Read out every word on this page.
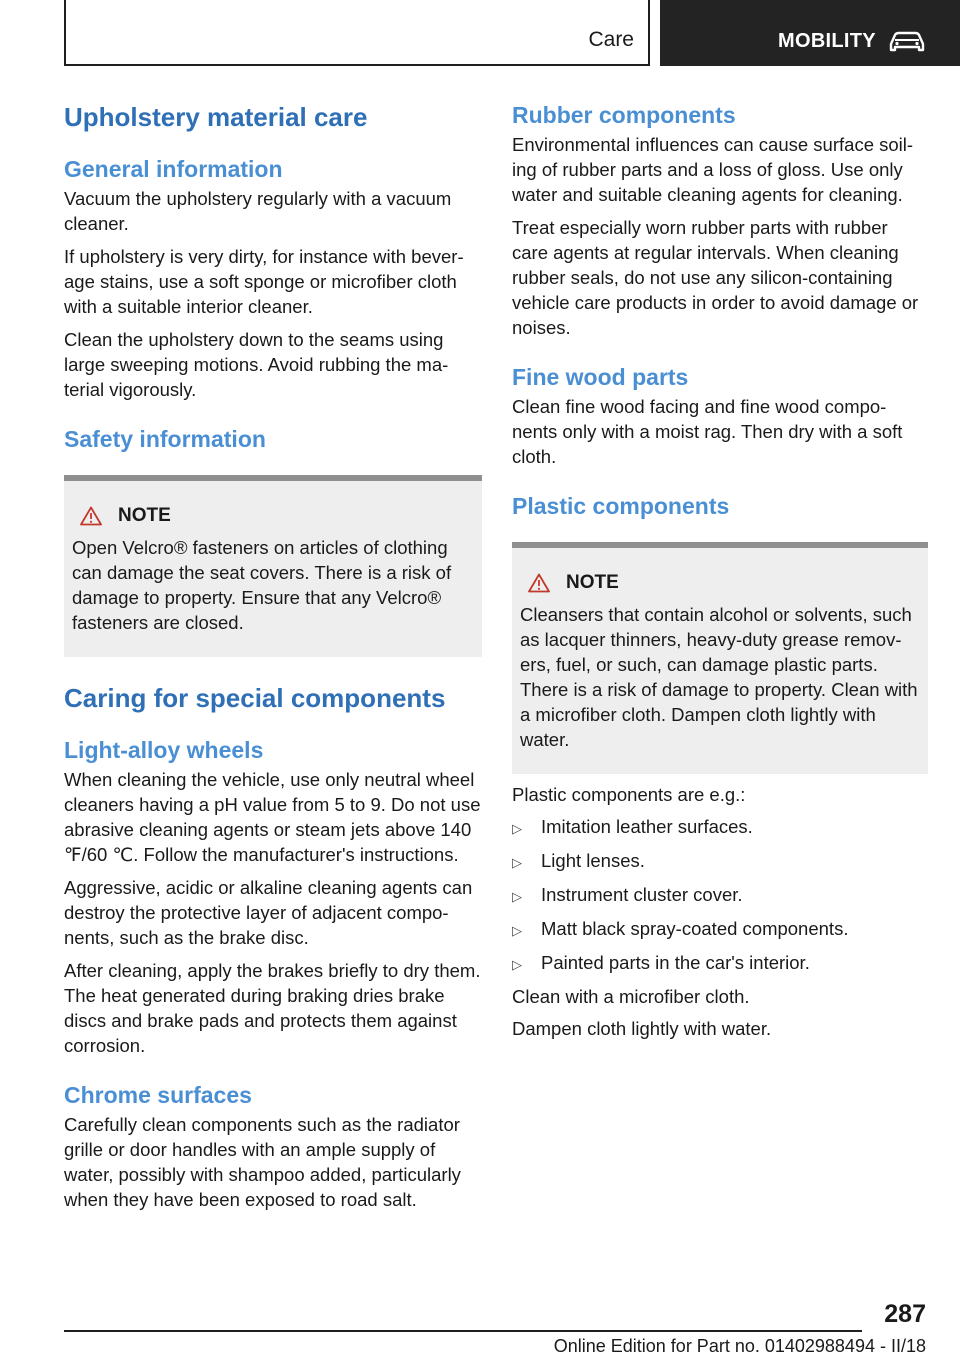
Care	MOBILITY
Upholstery material care
General information

Vacuum the upholstery regularly with a vacuum cleaner.

If upholstery is very dirty, for instance with bever-age stains, use a soft sponge or microfiber cloth with a suitable interior cleaner.

Clean the upholstery down to the seams using large sweeping motions. Avoid rubbing the ma-terial vigorously.

Safety information
NOTE

Open Velcro® fasteners on articles of clothing can damage the seat covers. There is a risk of damage to property. Ensure that any Velcro® fasteners are closed.

Caring for special components
Light-alloy wheels

When cleaning the vehicle, use only neutral wheel cleaners having a pH value from 5 to 9. Do not use abrasive cleaning agents or steam jets above 140 ℉/60 ℃. Follow the manufacturer's instructions.

Aggressive, acidic or alkaline cleaning agents can destroy the protective layer of adjacent compo-nents, such as the brake disc.

After cleaning, apply the brakes briefly to dry them. The heat generated during braking dries brake discs and brake pads and protects them against corrosion.

Chrome surfaces

Carefully clean components such as the radiator grille or door handles with an ample supply of water, possibly with shampoo added, particularly when they have been exposed to road salt.

Rubber components

Environmental influences can cause surface soil-ing of rubber parts and a loss of gloss. Use only water and suitable cleaning agents for cleaning.

Treat especially worn rubber parts with rubber care agents at regular intervals. When cleaning rubber seals, do not use any silicon-containing vehicle care products in order to avoid damage or noises.

Fine wood parts

Clean fine wood facing and fine wood compo-nents only with a moist rag. Then dry with a soft cloth.

Plastic components
NOTE

Cleansers that contain alcohol or solvents, such as lacquer thinners, heavy-duty grease remov-ers, fuel, or such, can damage plastic parts. There is a risk of damage to property. Clean with a microfiber cloth. Dampen cloth lightly with water.

Plastic components are e.g.:

▷	Imitation leather surfaces.
▷	Light lenses.
▷	Instrument cluster cover.
▷	Matt black spray-coated components.
▷	Painted parts in the car's interior.

Clean with a microfiber cloth.

Dampen cloth lightly with water.

287
Online Edition for Part no. 01402988494 - II/18
